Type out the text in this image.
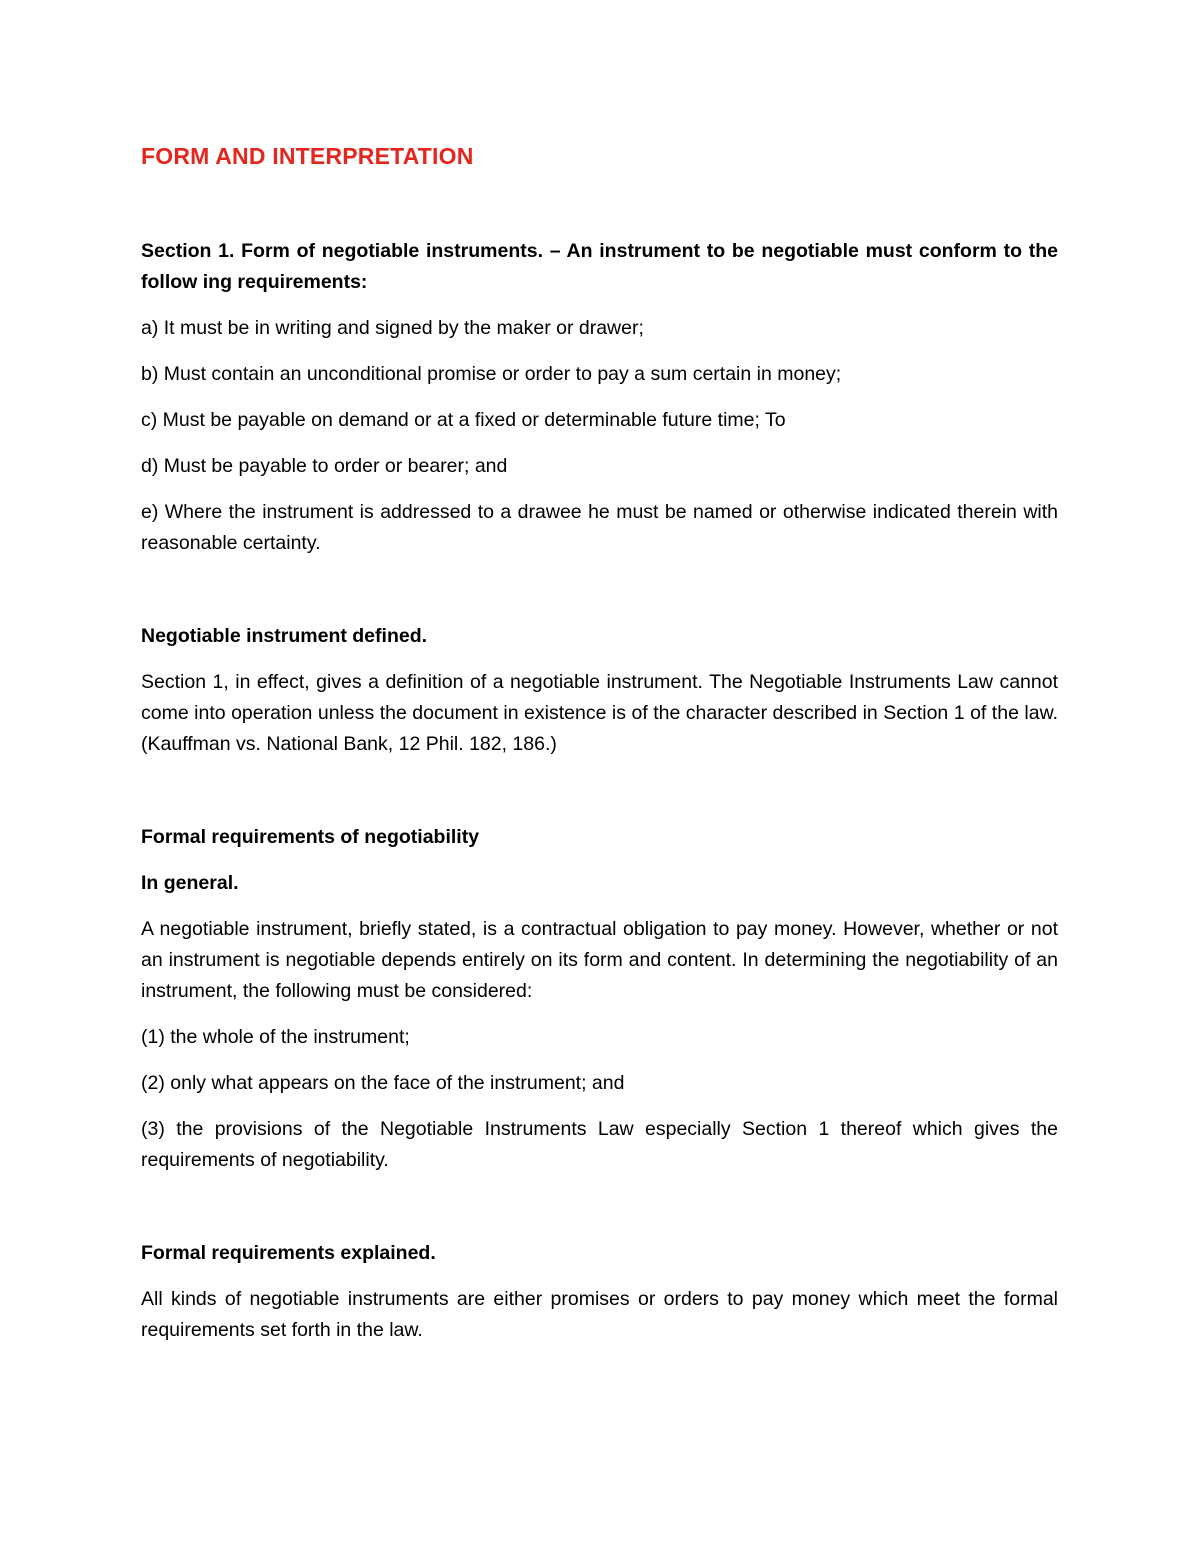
FORM AND INTERPRETATION

Section 1. Form of negotiable instruments. – An instrument to be negotiable must conform to the follow ing requirements:

a) It must be in writing and signed by the maker or drawer;

b) Must contain an unconditional promise or order to pay a sum certain in money;

c) Must be payable on demand or at a fixed or determinable future time; To

d) Must be payable to order or bearer; and

e) Where the instrument is addressed to a drawee he must be named or otherwise indicated therein with reasonable certainty.

Negotiable instrument defined.

Section 1, in effect, gives a definition of a negotiable instrument. The Negotiable Instruments Law cannot come into operation unless the document in existence is of the character described in Section 1 of the law. (Kauffman vs. National Bank, 12 Phil. 182, 186.)

Formal requirements of negotiability
In general.

A negotiable instrument, briefly stated, is a contractual obligation to pay money. However, whether or not an instrument is negotiable depends entirely on its form and content. In determining the negotiability of an instrument, the following must be considered:

(1) the whole of the instrument;

(2) only what appears on the face of the instrument; and

(3) the provisions of the Negotiable Instruments Law especially Section 1 thereof which gives the requirements of negotiability.

Formal requirements explained.

All kinds of negotiable instruments are either promises or orders to pay money which meet the formal requirements set forth in the law.
